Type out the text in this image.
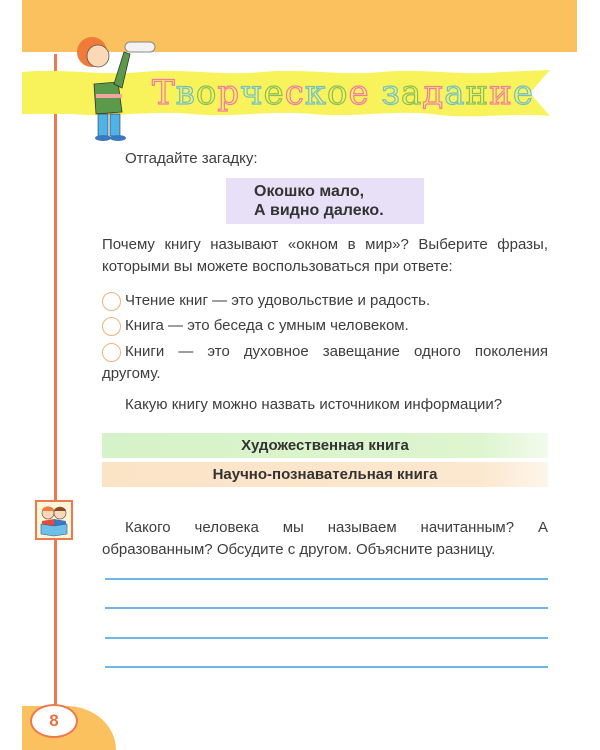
Творческое задание
Отгадайте загадку:
Окошко мало,
А видно далеко.
Почему книгу называют «окном в мир»? Выберите фразы, которыми вы можете воспользоваться при ответе:
Чтение книг — это удовольствие и радость.
Книга — это беседа с умным человеком.
Книги — это духовное завещание одного поколения
другому.
Какую книгу можно назвать источником информации?
Художественная книга
Научно-познавательная книга
Какого человека мы называем начитанным? А образованным? Обсудите с другом. Объясните разницу.
8
